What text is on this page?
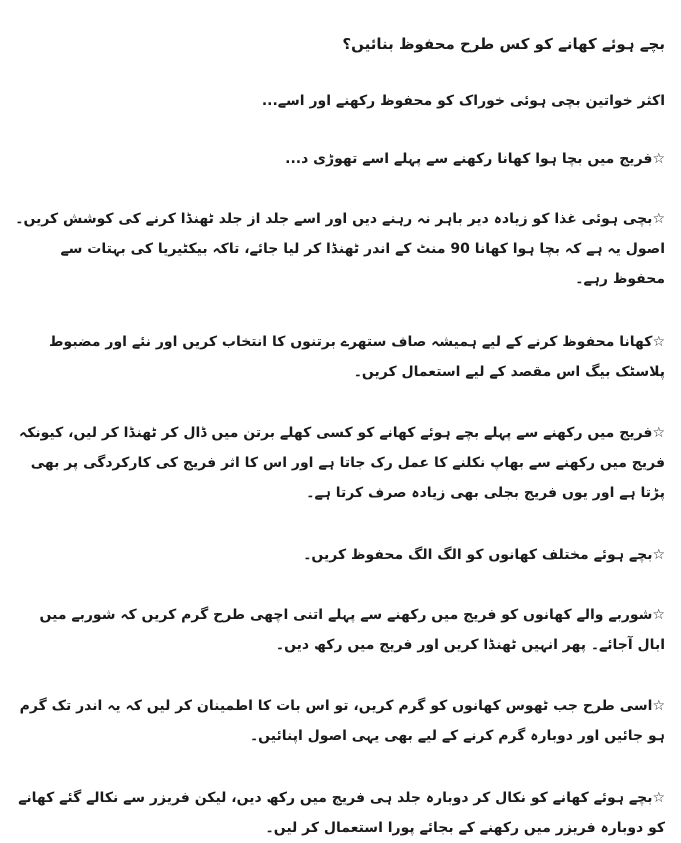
بچے ہوئے کھانے کو کس طرح محفوظ بنائیں؟

اکثر خواتین بچی ہوئی خوراک کو محفوظ رکھنے اور اسے...

☆فریج میں بچا ہوا کھانا رکھنے سے پہلے اسے تھوڑی د...

☆بچی ہوئی غذا کو زیادہ دیر باہر نہ رہنے دیں اور اسے جلد از جلد ٹھنڈا کرنے کی کوشش کریں۔اصول یہ ہے کہ بچا ہوا کھانا 90 منٹ کے اندر ٹھنڈا کر لیا جائے، تاکہ بیکٹیریا کی بہتات سے محفوظ رہے۔

☆کھانا محفوظ کرنے کے لیے ہمیشہ صاف ستھرے برتنوں کا انتخاب کریں اور نئے اور مضبوط پلاسٹک بیگ اس مقصد کے لیے استعمال کریں۔

☆فریج میں رکھنے سے پہلے بچے ہوئے کھانے کو کسی کھلے برتن میں ڈال کر ٹھنڈا کر لیں، کیونکہ فریج میں رکھنے سے بھاپ نکلنے کا عمل رک جاتا ہے اور اس کا اثر فریج کی کارکردگی پر بھی پڑتا ہے اور یوں فریج بجلی بھی زیادہ صرف کرتا ہے۔

☆بچے ہوئے مختلف کھانوں کو الگ الگ محفوظ کریں۔

☆شوربے والے کھانوں کو فریج میں رکھنے سے پہلے اتنی اچھی طرح گرم کریں کہ شوربے میں ابال آجائے۔ پھر انہیں ٹھنڈا کریں اور فریج میں رکھ دیں۔

☆اسی طرح جب ٹھوس کھانوں کو گرم کریں، تو اس بات کا اطمینان کر لیں کہ یہ اندر تک گرم ہو جائیں اور دوبارہ گرم کرنے کے لیے بھی یہی اصول اپنائیں۔

☆بچے ہوئے کھانے کو نکال کر دوبارہ جلد ہی فریج میں رکھ دیں، لیکن فریزر سے نکالے گئے کھانے کو دوبارہ فریزر میں رکھنے کے بجائے پورا استعمال کر لیں۔
